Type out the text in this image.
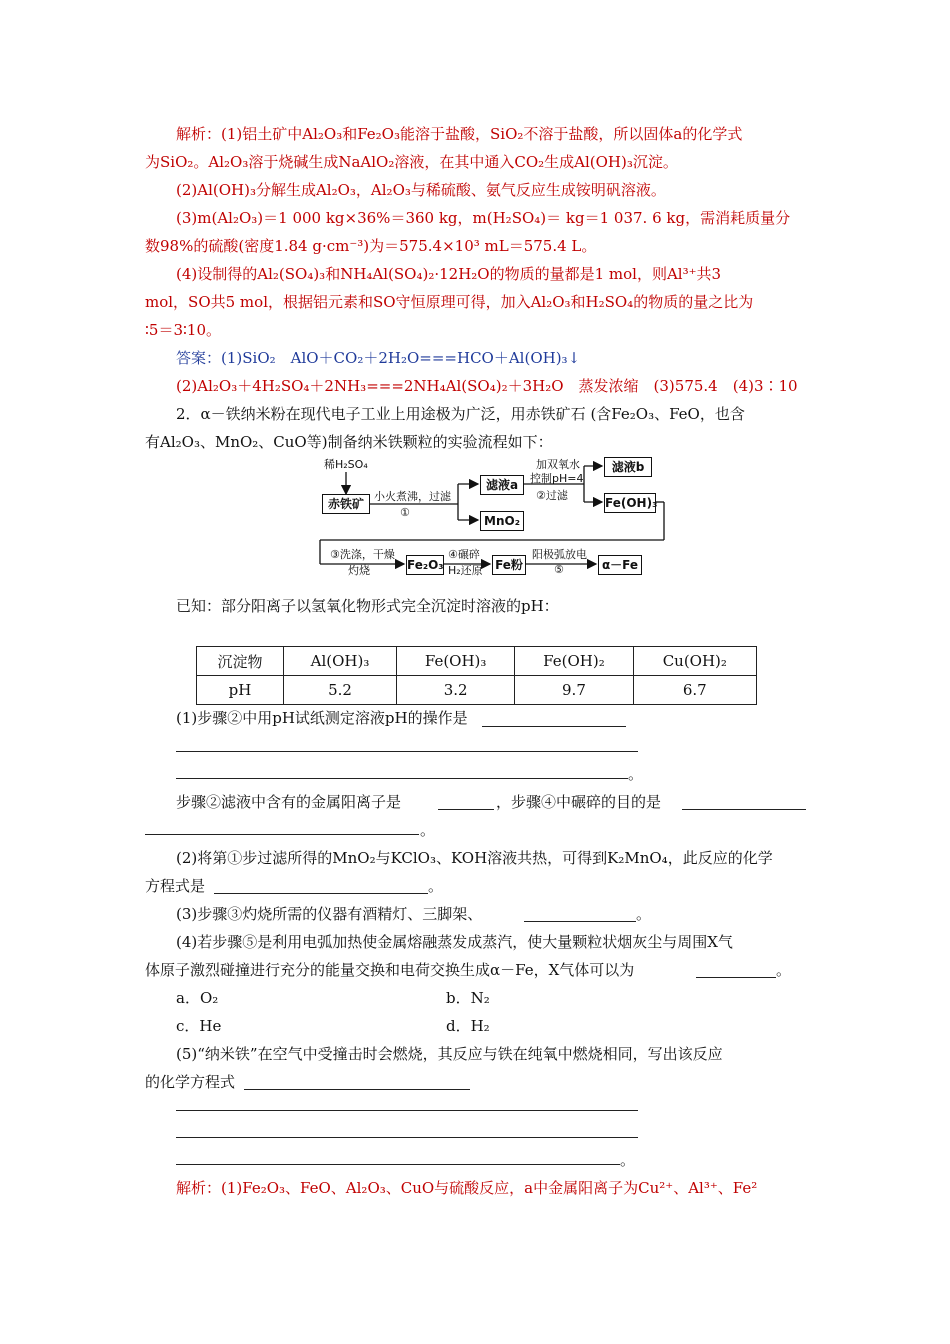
解析：(1)铝土矿中Al₂O₃和Fe₂O₃能溶于盐酸，SiO₂不溶于盐酸，所以固体a的化学式
为SiO₂。Al₂O₃溶于烧碱生成NaAlO₂溶液，在其中通入CO₂生成Al(OH)₃沉淀。
(2)Al(OH)₃分解生成Al₂O₃，Al₂O₃与稀硫酸、氨气反应生成铵明矾溶液。
(3)m(Al₂O₃)＝1 000 kg×36%＝360 kg，m(H₂SO₄)＝ kg＝1 037. 6 kg，需消耗质量分
数98%的硫酸(密度1.84 g·cm⁻³)为＝575.4×10³ mL＝575.4 L。
(4)设制得的Al₂(SO₄)₃和NH₄Al(SO₄)₂·12H₂O的物质的量都是1 mol，则Al³⁺共3
mol，SO共5 mol，根据铝元素和SO守恒原理可得，加入Al₂O₃和H₂SO₄的物质的量之比为
∶5＝3∶10。
答案：(1)SiO₂　AlO＋CO₂＋2H₂O===HCO＋Al(OH)₃↓
(2)Al₂O₃＋4H₂SO₄＋2NH₃===2NH₄Al(SO₄)₂＋3H₂O　蒸发浓缩　(3)575.4　(4)3∶10
2．α－铁纳米粉在现代电子工业上用途极为广泛，用赤铁矿石 (含Fe₂O₃、FeO，也含
有Al₂O₃、MnO₂、CuO等)制备纳米铁颗粒的实验流程如下：
稀H₂SO₄
赤铁矿
小火煮沸，过滤
①
滤液a
MnO₂
加双氧水
控制pH=4
②过滤
滤液b
Fe(OH)₃
③洗涤，干燥
灼烧	Fe₂O₃
④碾碎
H₂还原 Fe粉
阳极弧放电
⑤	α－Fe
已知：部分阳离子以氢氧化物形式完全沉淀时溶液的pH：
沉淀物	Al(OH)₃	Fe(OH)₃	Fe(OH)₂	Cu(OH)₂
pH	5.2	3.2	9.7	6.7
(1)步骤②中用pH试纸测定溶液pH的操作是
。
步骤②滤液中含有的金属阳离子是	，步骤④中碾碎的目的是
。
(2)将第①步过滤所得的MnO₂与KClO₃、KOH溶液共热，可得到K₂MnO₄，此反应的化学
方程式是	。
(3)步骤③灼烧所需的仪器有酒精灯、三脚架、	。
(4)若步骤⑤是利用电弧加热使金属熔融蒸发成蒸汽，使大量颗粒状烟灰尘与周围X气
体原子激烈碰撞进行充分的能量交换和电荷交换生成α－Fe，X气体可以为	。
a．O₂	b．N₂
c．He	d．H₂
(5)“纳米铁”在空气中受撞击时会燃烧，其反应与铁在纯氧中燃烧相同，写出该反应
的化学方程式
。
解析：(1)Fe₂O₃、FeO、Al₂O₃、CuO与硫酸反应，a中金属阳离子为Cu²⁺、Al³⁺、Fe²
